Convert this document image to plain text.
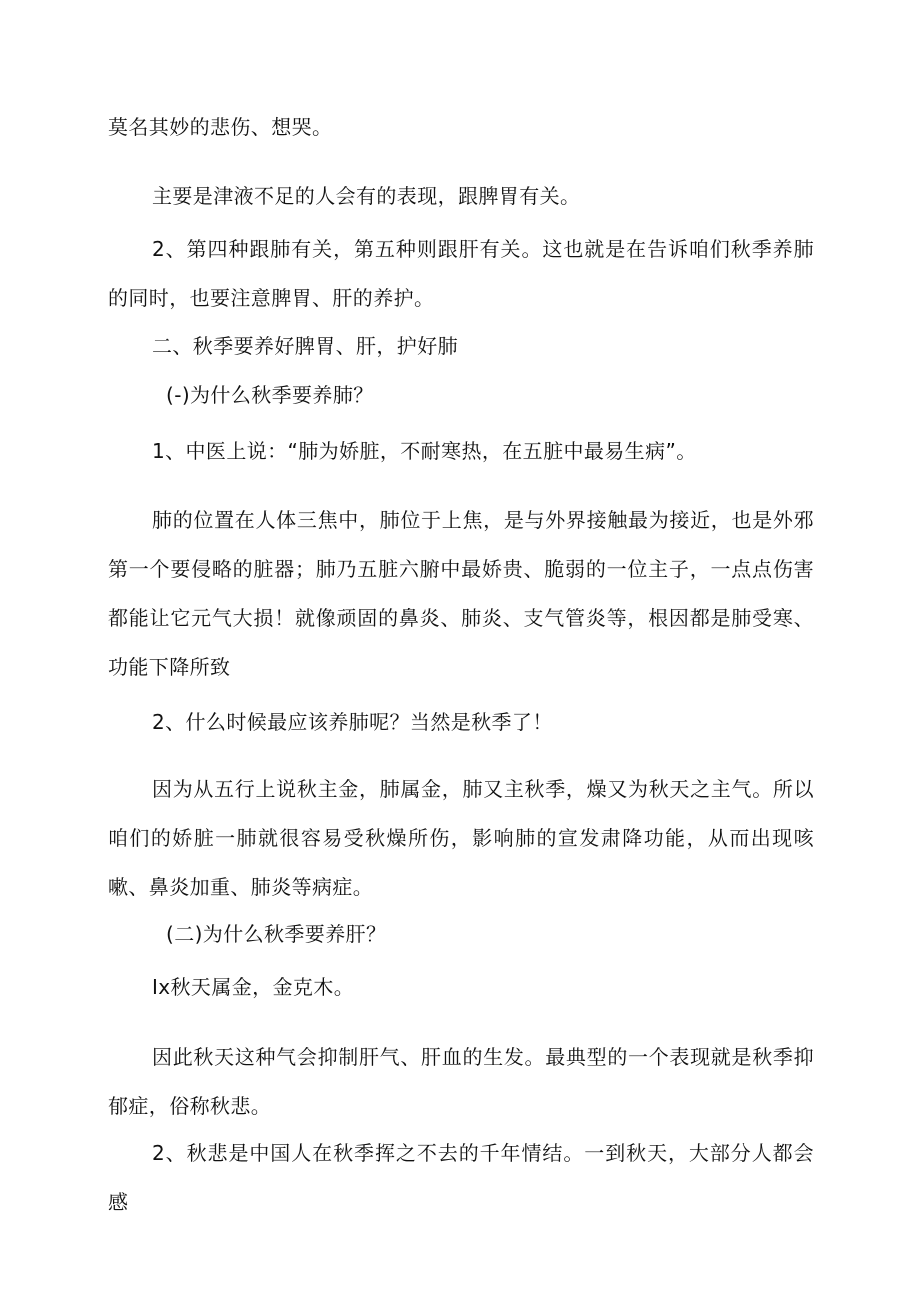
莫名其妙的悲伤、想哭。

主要是津液不足的人会有的表现，跟脾胃有关。

2、第四种跟肺有关，第五种则跟肝有关。这也就是在告诉咱们秋季养肺的同时，也要注意脾胃、肝的养护。

二、秋季要养好脾胃、肝，护好肺

(-)为什么秋季要养肺？

1、中医上说：“肺为娇脏，不耐寒热，在五脏中最易生病”。

肺的位置在人体三焦中，肺位于上焦，是与外界接触最为接近，也是外邪第一个要侵略的脏器；肺乃五脏六腑中最娇贵、脆弱的一位主子，一点点伤害都能让它元气大损！就像顽固的鼻炎、肺炎、支气管炎等，根因都是肺受寒、功能下降所致

2、什么时候最应该养肺呢？当然是秋季了！

因为从五行上说秋主金，肺属金，肺又主秋季，燥又为秋天之主气。所以咱们的娇脏一肺就很容易受秋燥所伤，影响肺的宣发肃降功能，从而出现咳嗽、鼻炎加重、肺炎等病症。

(二)为什么秋季要养肝？

Ix秋天属金，金克木。

因此秋天这种气会抑制肝气、肝血的生发。最典型的一个表现就是秋季抑郁症，俗称秋悲。

2、秋悲是中国人在秋季挥之不去的千年情结。一到秋天，大部分人都会感
